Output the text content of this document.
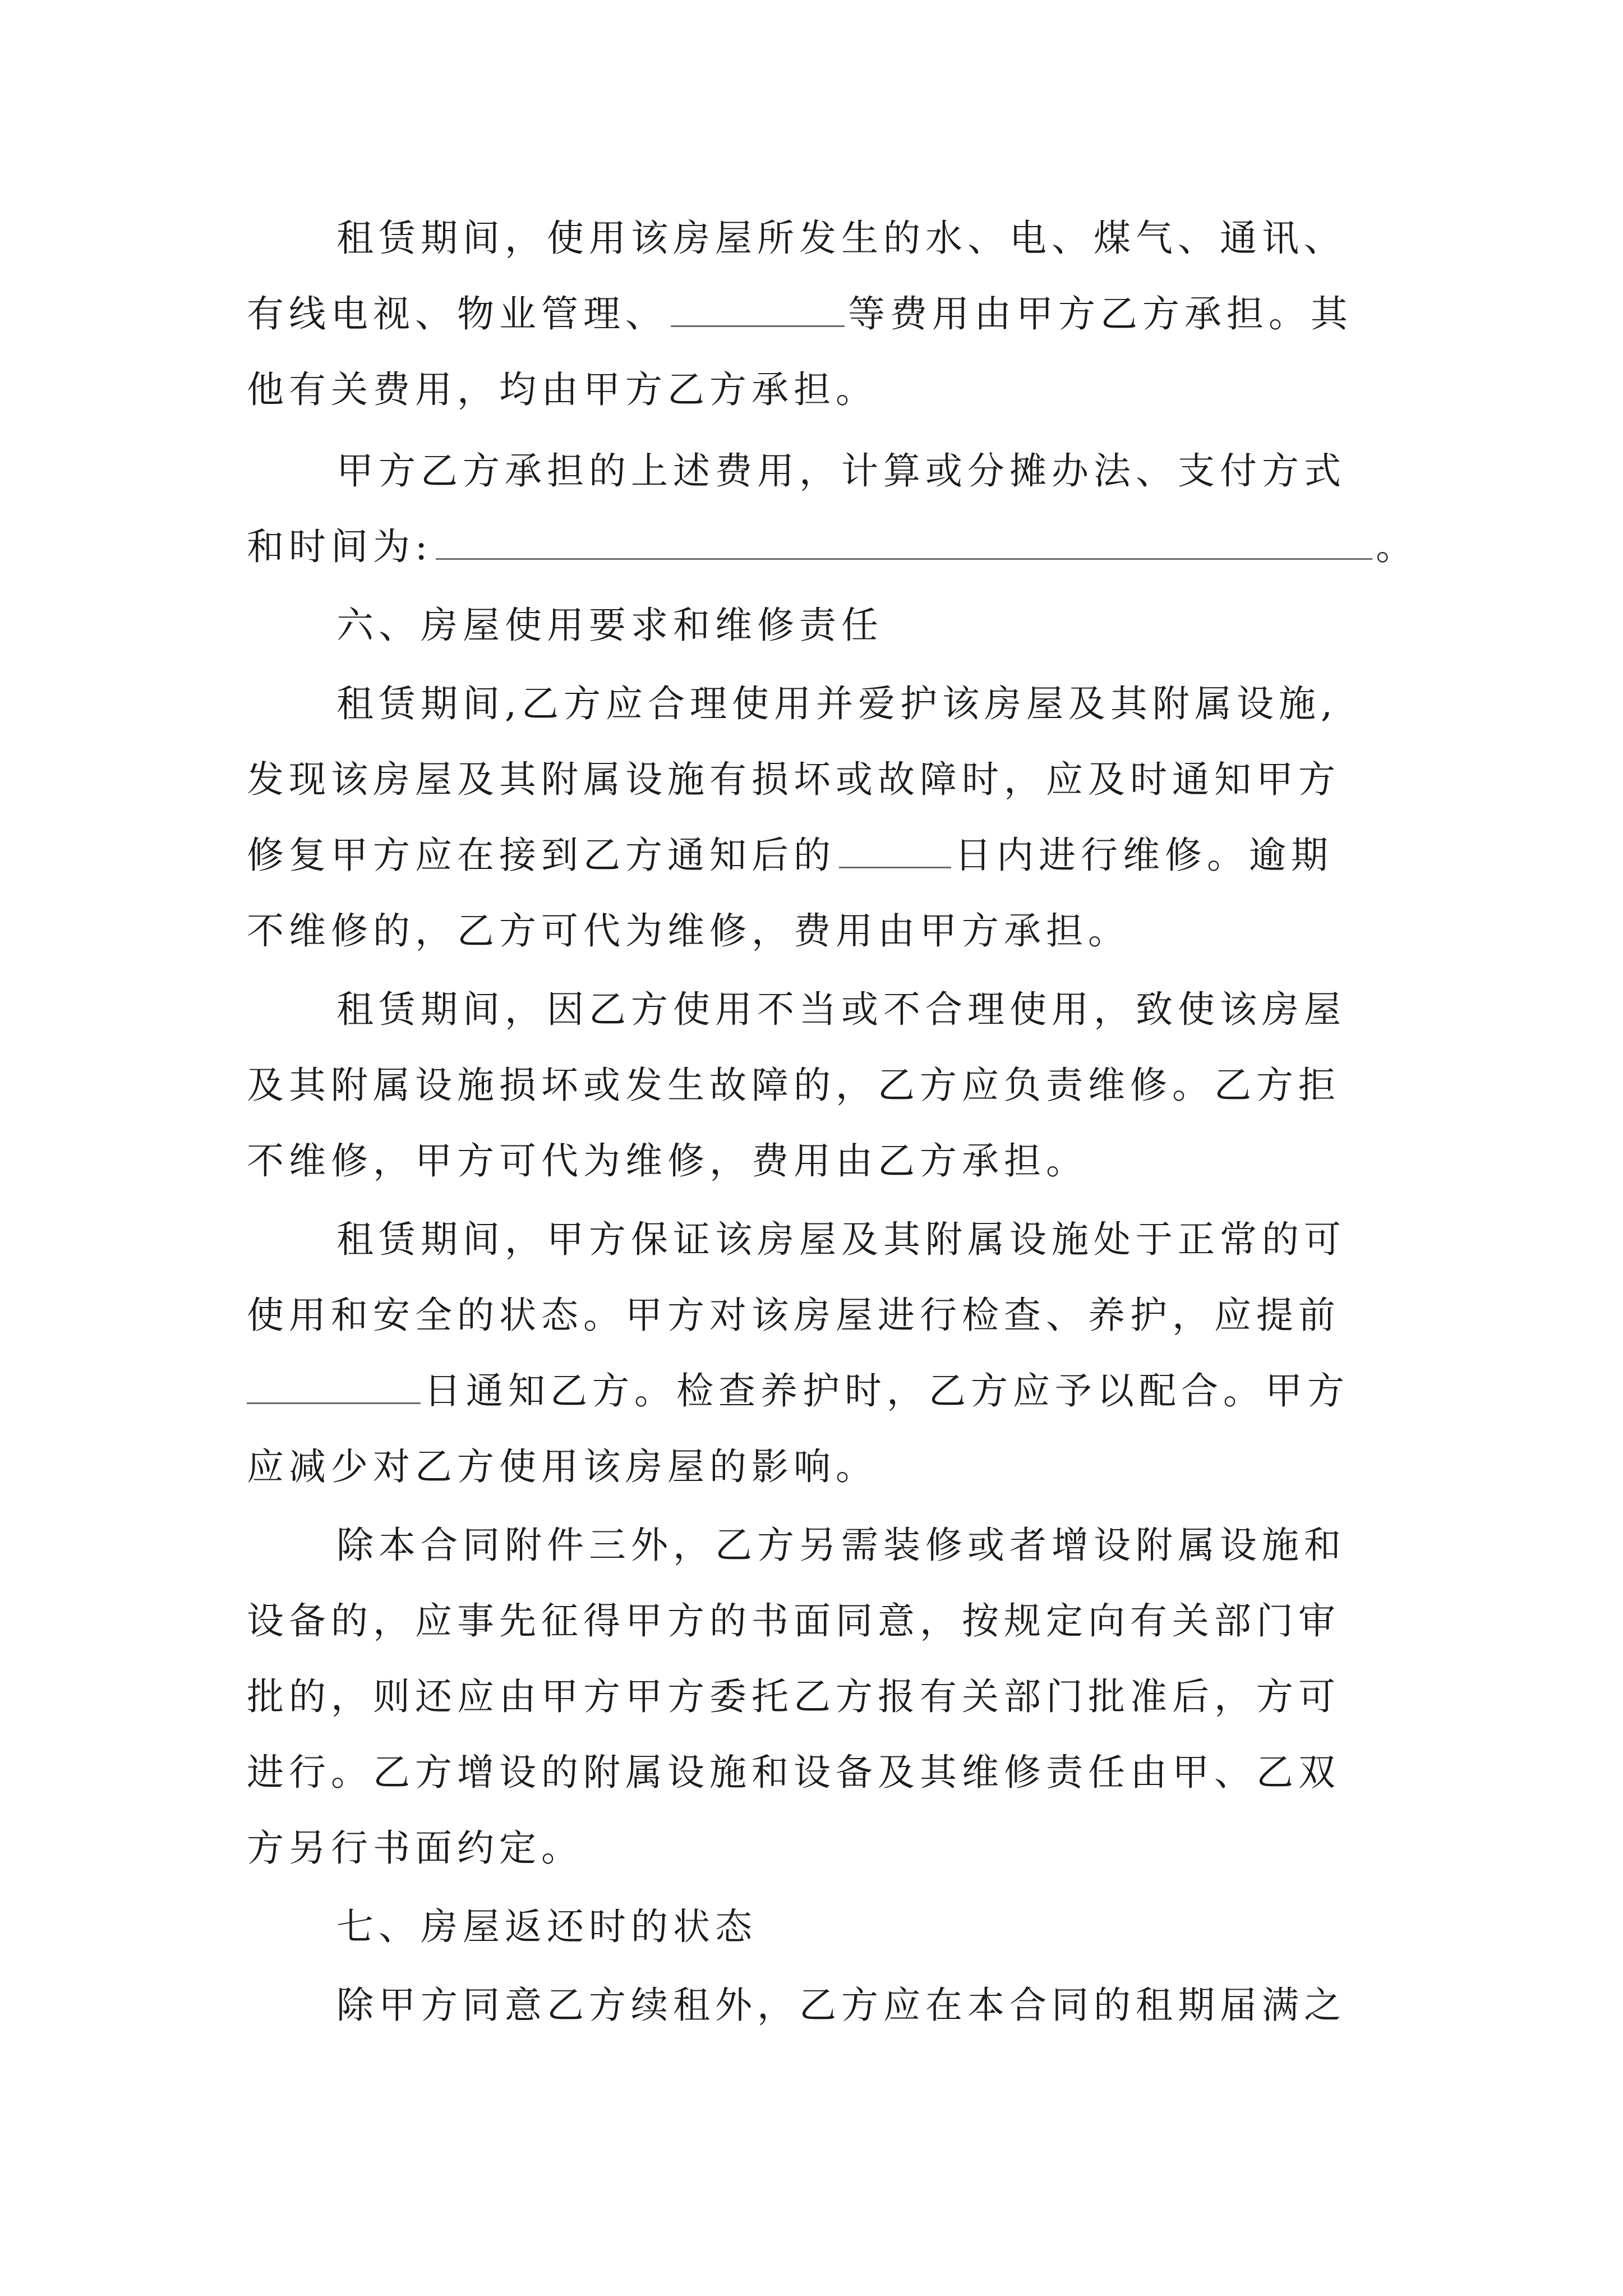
租赁期间，使用该房屋所发生的水、电、煤气、通讯、
有线电视、物业管理、	等费用由甲方乙方承担。其
他有关费用，均由甲方乙方承担。
甲方乙方承担的上述费用，计算或分摊办法、支付方式
和时间为:	。
六、房屋使用要求和维修责任
租赁期间,乙方应合理使用并爱护该房屋及其附属设施,
发现该房屋及其附属设施有损坏或故障时，应及时通知甲方
修复甲方应在接到乙方通知后的	日内进行维修。逾期
不维修的，乙方可代为维修，费用由甲方承担。
租赁期间，因乙方使用不当或不合理使用，致使该房屋
及其附属设施损坏或发生故障的，乙方应负责维修。乙方拒
不维修，甲方可代为维修，费用由乙方承担。
租赁期间，甲方保证该房屋及其附属设施处于正常的可
使用和安全的状态。甲方对该房屋进行检查、养护，应提前
日通知乙方。检查养护时，乙方应予以配合。甲方
应减少对乙方使用该房屋的影响。
除本合同附件三外，乙方另需装修或者增设附属设施和
设备的，应事先征得甲方的书面同意，按规定向有关部门审
批的，则还应由甲方甲方委托乙方报有关部门批准后，方可
进行。乙方增设的附属设施和设备及其维修责任由甲、乙双
方另行书面约定。
七、房屋返还时的状态
除甲方同意乙方续租外，乙方应在本合同的租期届满之
